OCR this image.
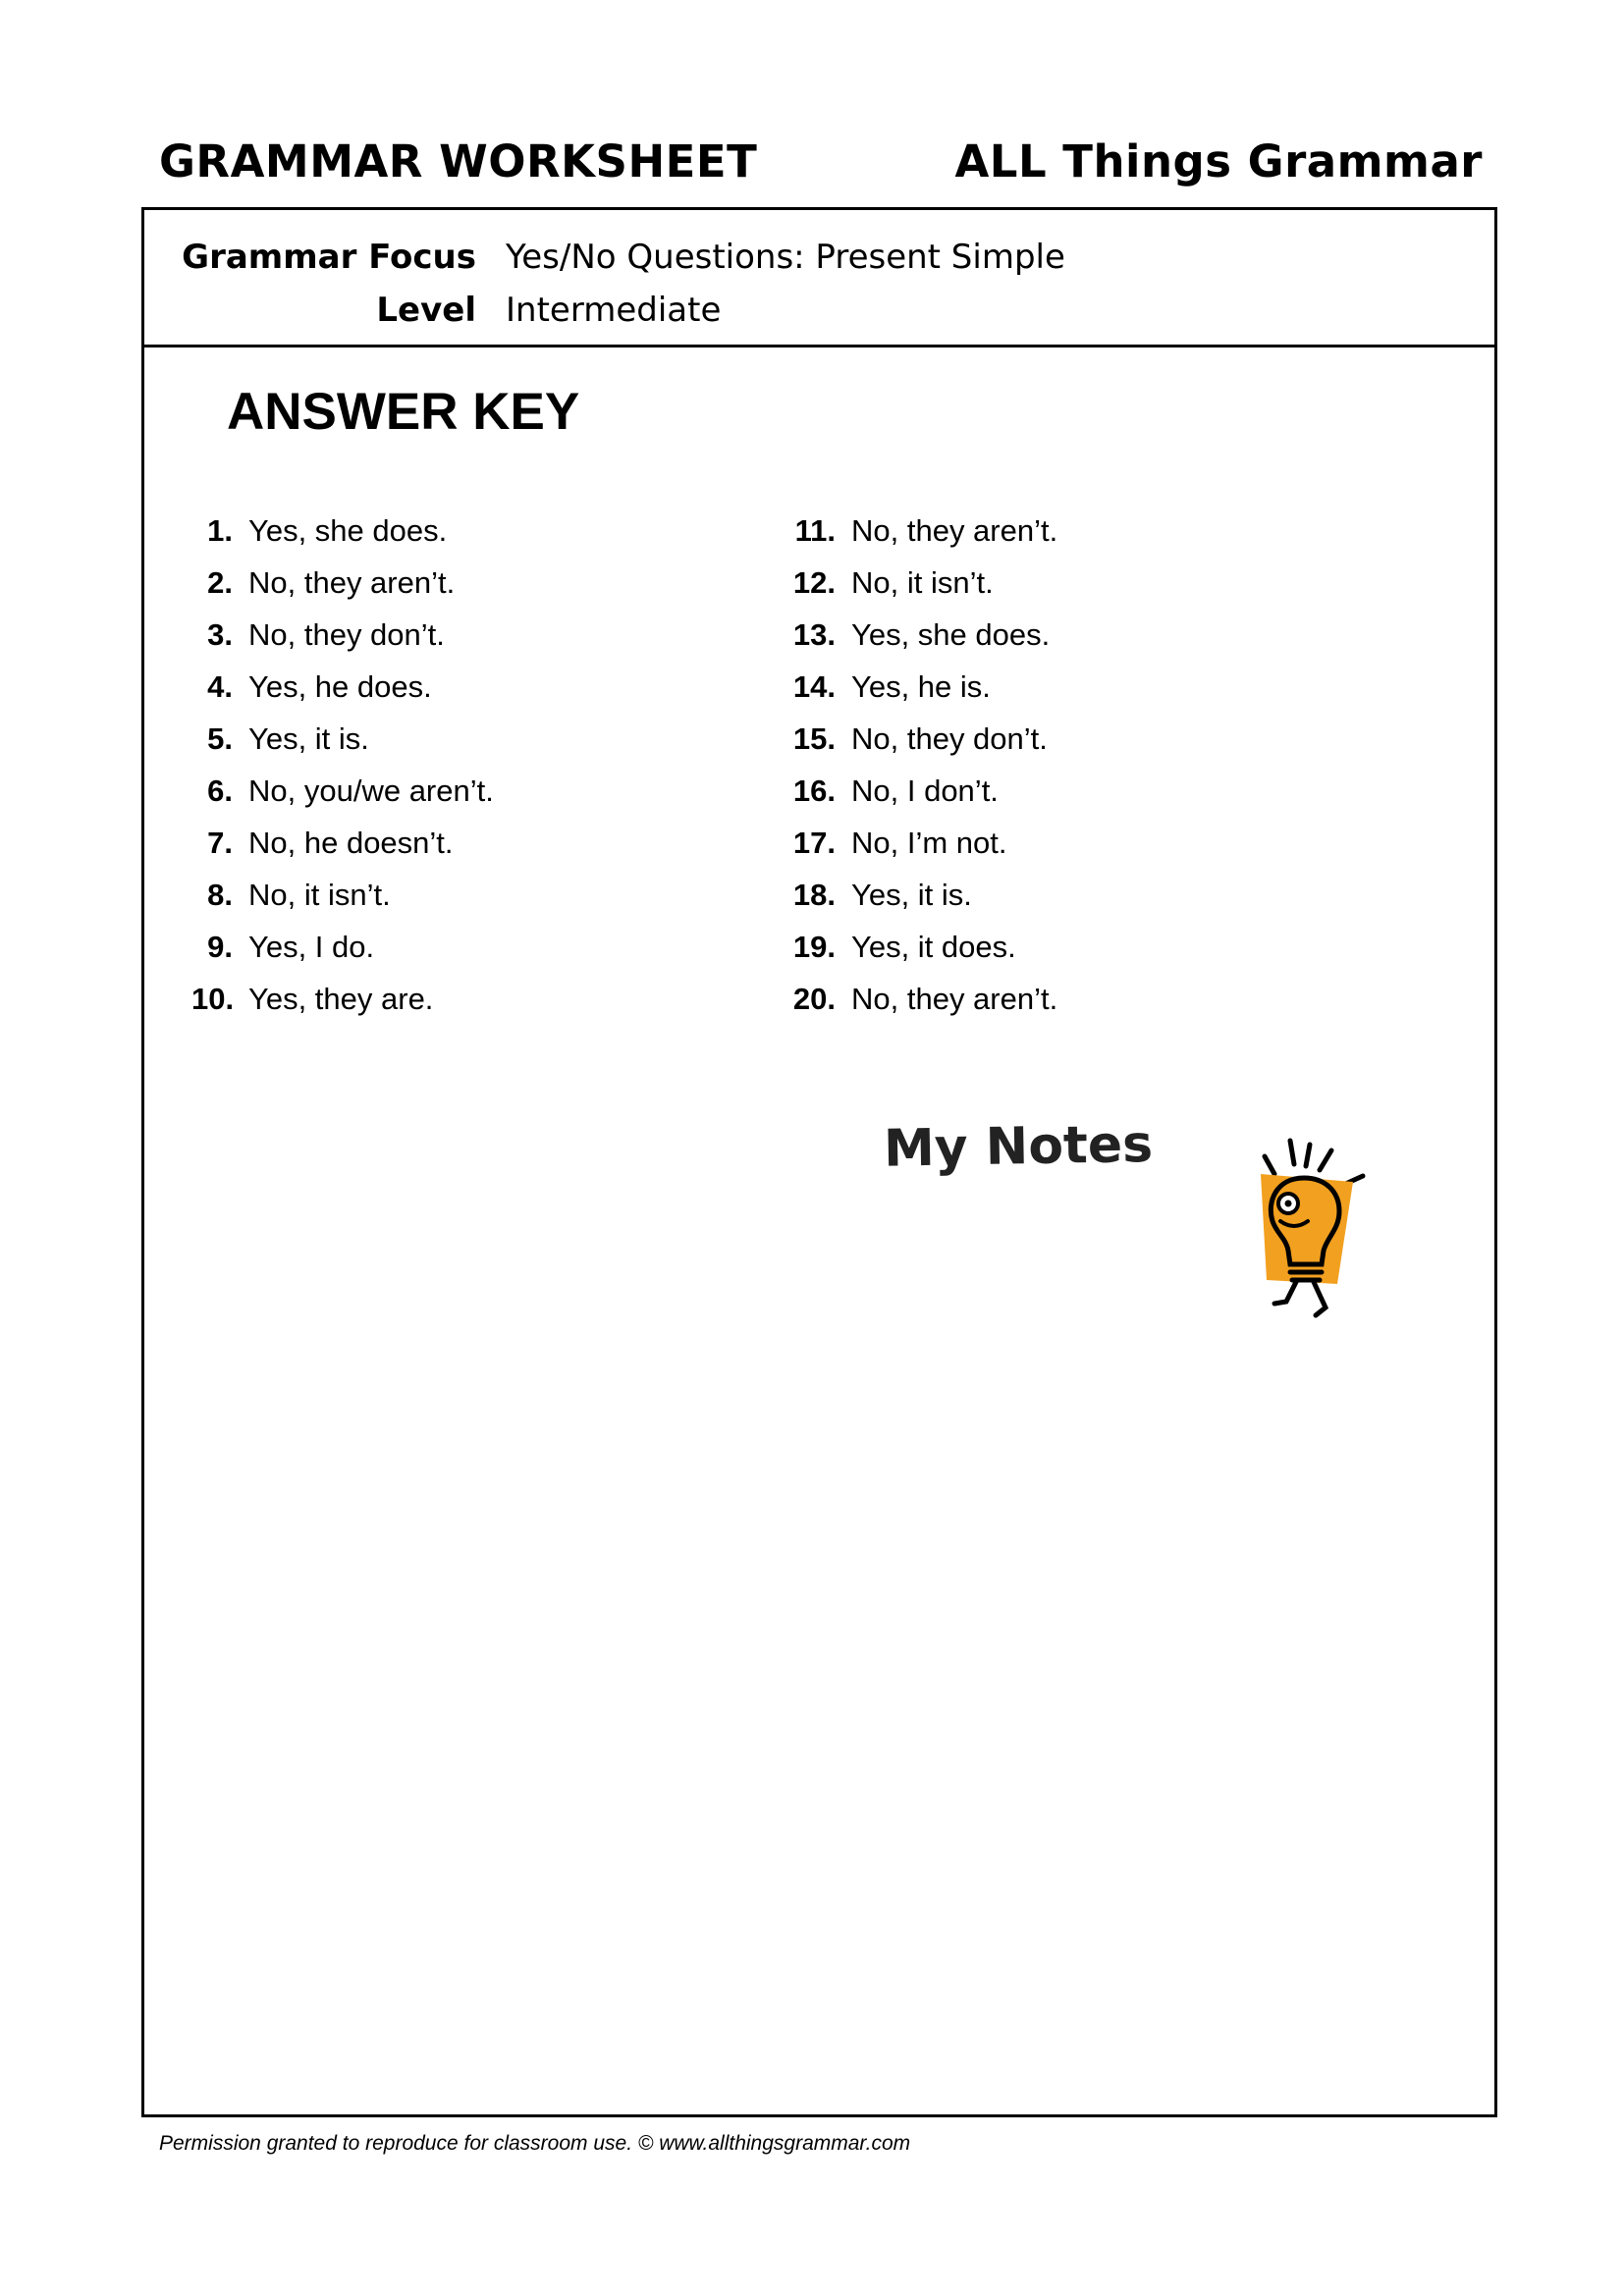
GRAMMAR WORKSHEET	ALL Things Grammar
Grammar Focus Yes/No Questions: Present Simple
Level Intermediate
ANSWER KEY
1. Yes, she does.
2. No, they aren’t.
3. No, they don’t.
4. Yes, he does.
5. Yes, it is.
6. No, you/we aren’t.
7. No, he doesn’t.
8. No, it isn’t.
9. Yes, I do.
10. Yes, they are.
11. No, they aren’t.
12. No, it isn’t.
13. Yes, she does.
14. Yes, he is.
15. No, they don’t.
16. No, I don’t.
17. No, I’m not.
18. Yes, it is.
19. Yes, it does.
20. No, they aren’t.
My Notes
Permission granted to reproduce for classroom use. © www.allthingsgrammar.com
